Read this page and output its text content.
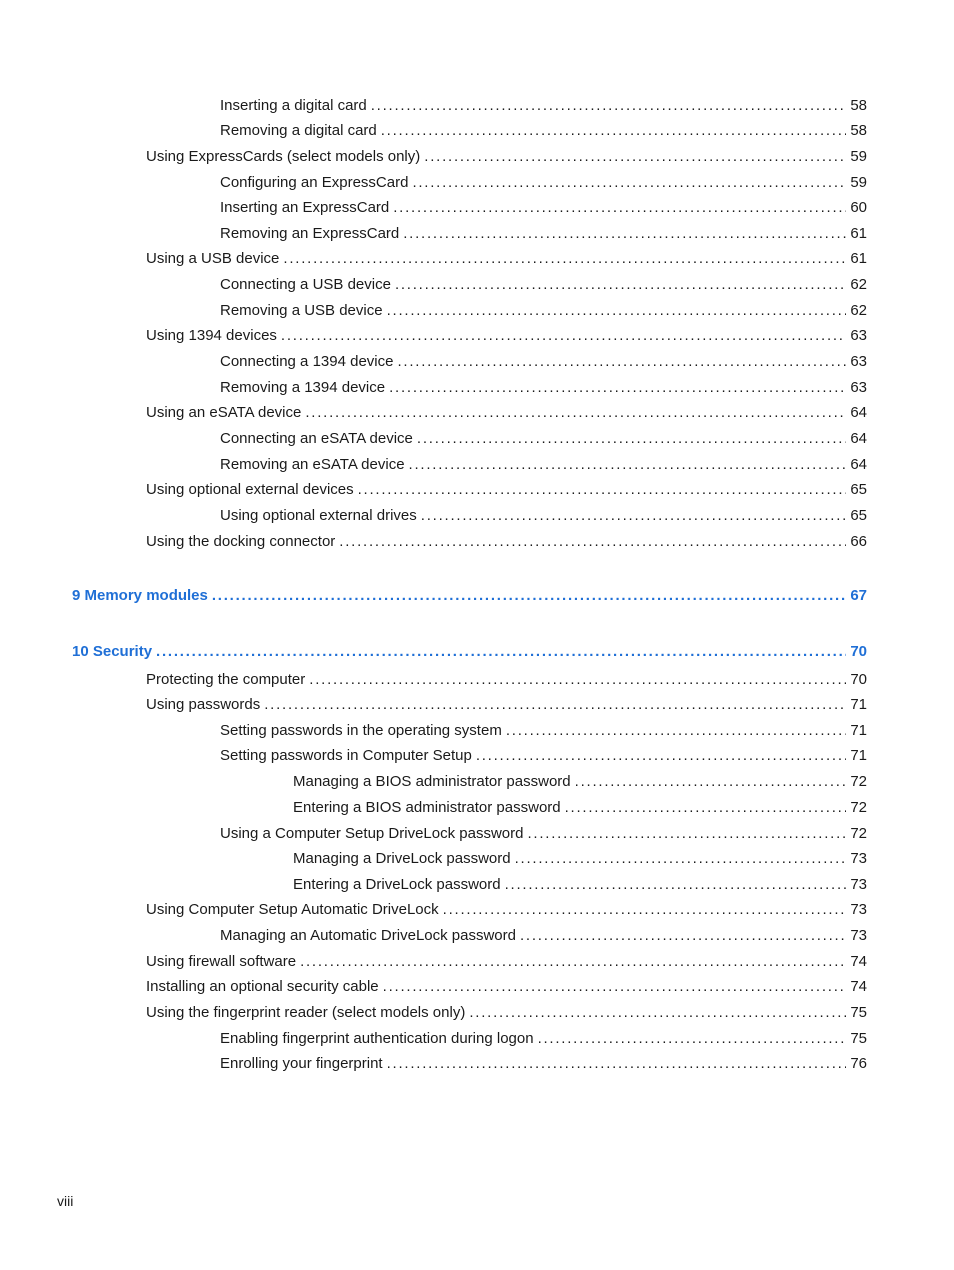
Inserting a digital card . . .	58
Removing a digital card . . .	58
Using ExpressCards (select models only) . . .	59
Configuring an ExpressCard . . .	59
Inserting an ExpressCard . . .	60
Removing an ExpressCard . . .	61
Using a USB device . . .	61
Connecting a USB device . . .	62
Removing a USB device . . .	62
Using 1394 devices . . .	63
Connecting a 1394 device . . .	63
Removing a 1394 device . . .	63
Using an eSATA device . . .	64
Connecting an eSATA device . . .	64
Removing an eSATA device . . .	64
Using optional external devices . . .	65
Using optional external drives . . .	65
Using the docking connector . . .	66
9 Memory modules . . .	67
10 Security . . .	70
Protecting the computer . . .	70
Using passwords . . .	71
Setting passwords in the operating system . . .	71
Setting passwords in Computer Setup . . .	71
Managing a BIOS administrator password . . .	72
Entering a BIOS administrator password . . .	72
Using a Computer Setup DriveLock password . . .	72
Managing a DriveLock password . . .	73
Entering a DriveLock password . . .	73
Using Computer Setup Automatic DriveLock . . .	73
Managing an Automatic DriveLock password . . .	73
Using firewall software . . .	74
Installing an optional security cable . . .	74
Using the fingerprint reader (select models only) . . .	75
Enabling fingerprint authentication during logon . . .	75
Enrolling your fingerprint . . .	76
viii
